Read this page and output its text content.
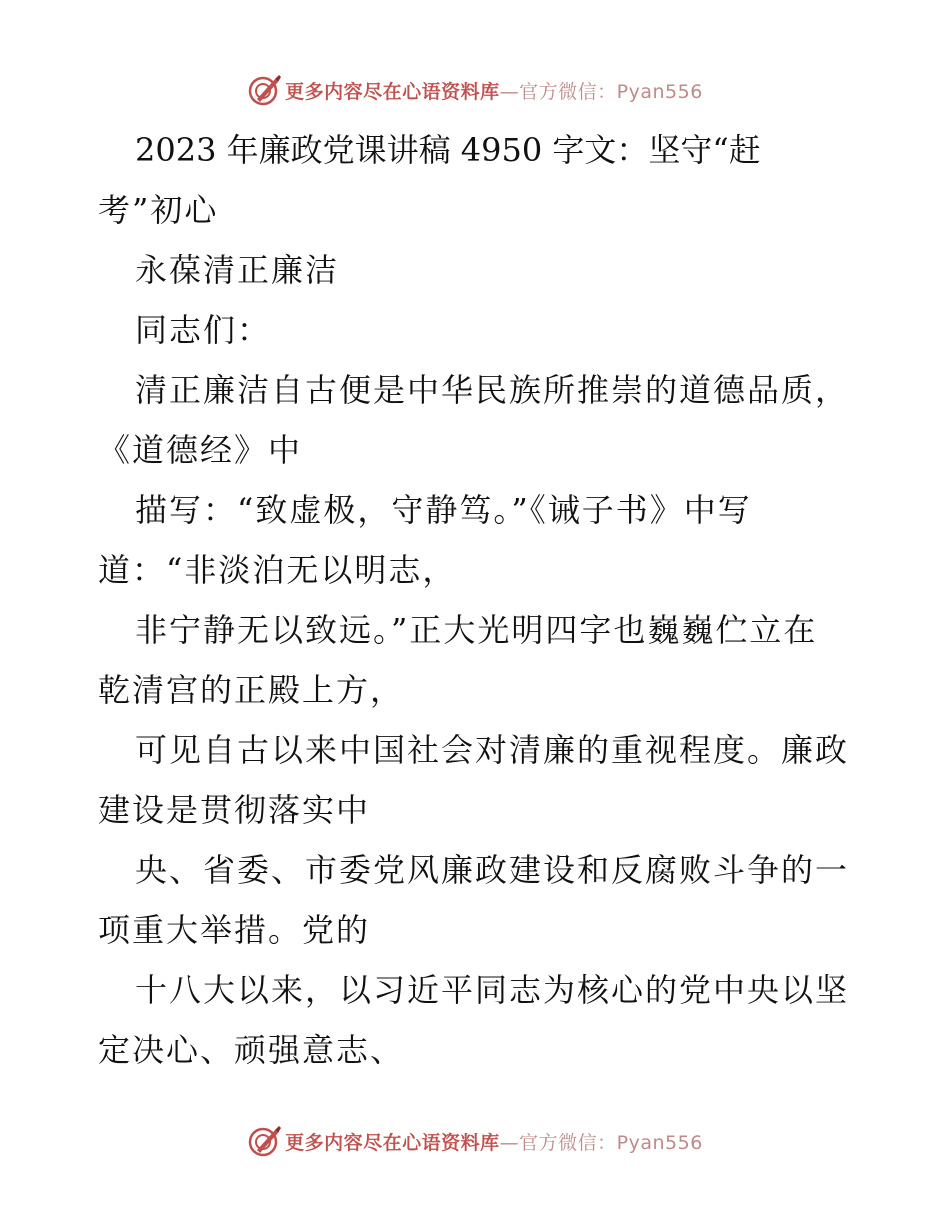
更多内容尽在心语资料库—官方微信：Pyan556
2023 年廉政党课讲稿 4950 字文：坚守“赶
考”初心
永葆清正廉洁
同志们：
清正廉洁自古便是中华民族所推崇的道德品质，
《道德经》中
描写：“致虚极，守静笃。”《诫子书》中写
道：“非淡泊无以明志，
非宁静无以致远。”正大光明四字也巍巍伫立在
乾清宫的正殿上方，
可见自古以来中国社会对清廉的重视程度。廉政
建设是贯彻落实中
央、省委、市委党风廉政建设和反腐败斗争的一
项重大举措。党的
十八大以来，以习近平同志为核心的党中央以坚
定决心、顽强意志、
更多内容尽在心语资料库—官方微信：Pyan556
